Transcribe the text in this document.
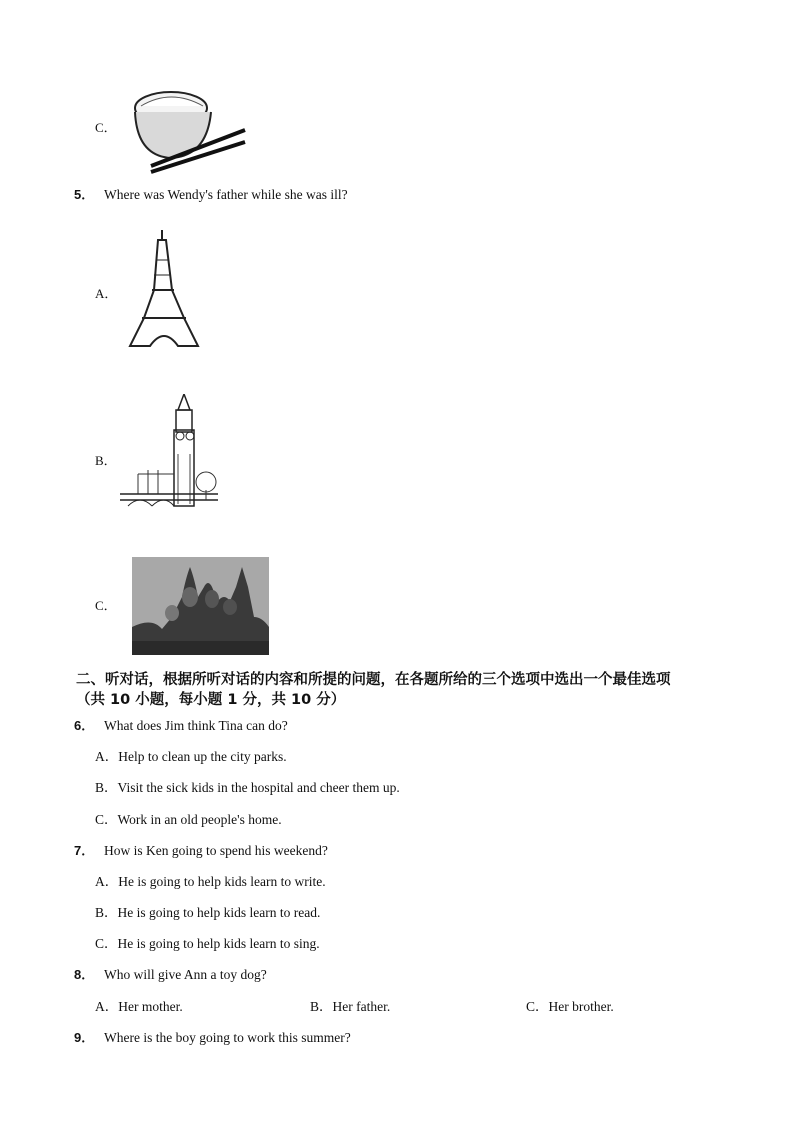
C．
5． Where was Wendy's father while she was ill?
A．
B．
C．
二、听对话，根据所听对话的内容和所提的问题，在各题所给的三个选项中选出一个最佳选项
（共 10 小题，每小题 1 分，共 10 分）
6． What does Jim think Tina can do?
A．Help to clean up the city parks.
B．Visit the sick kids in the hospital and cheer them up.
C．Work in an old people's home.
7． How is Ken going to spend his weekend?
A．He is going to help kids learn to write.
B．He is going to help kids learn to read.
C．He is going to help kids learn to sing.
8． Who will give Ann a toy dog?
A．Her mother.	B．Her father.	C．Her brother.
9． Where is the boy going to work this summer?
